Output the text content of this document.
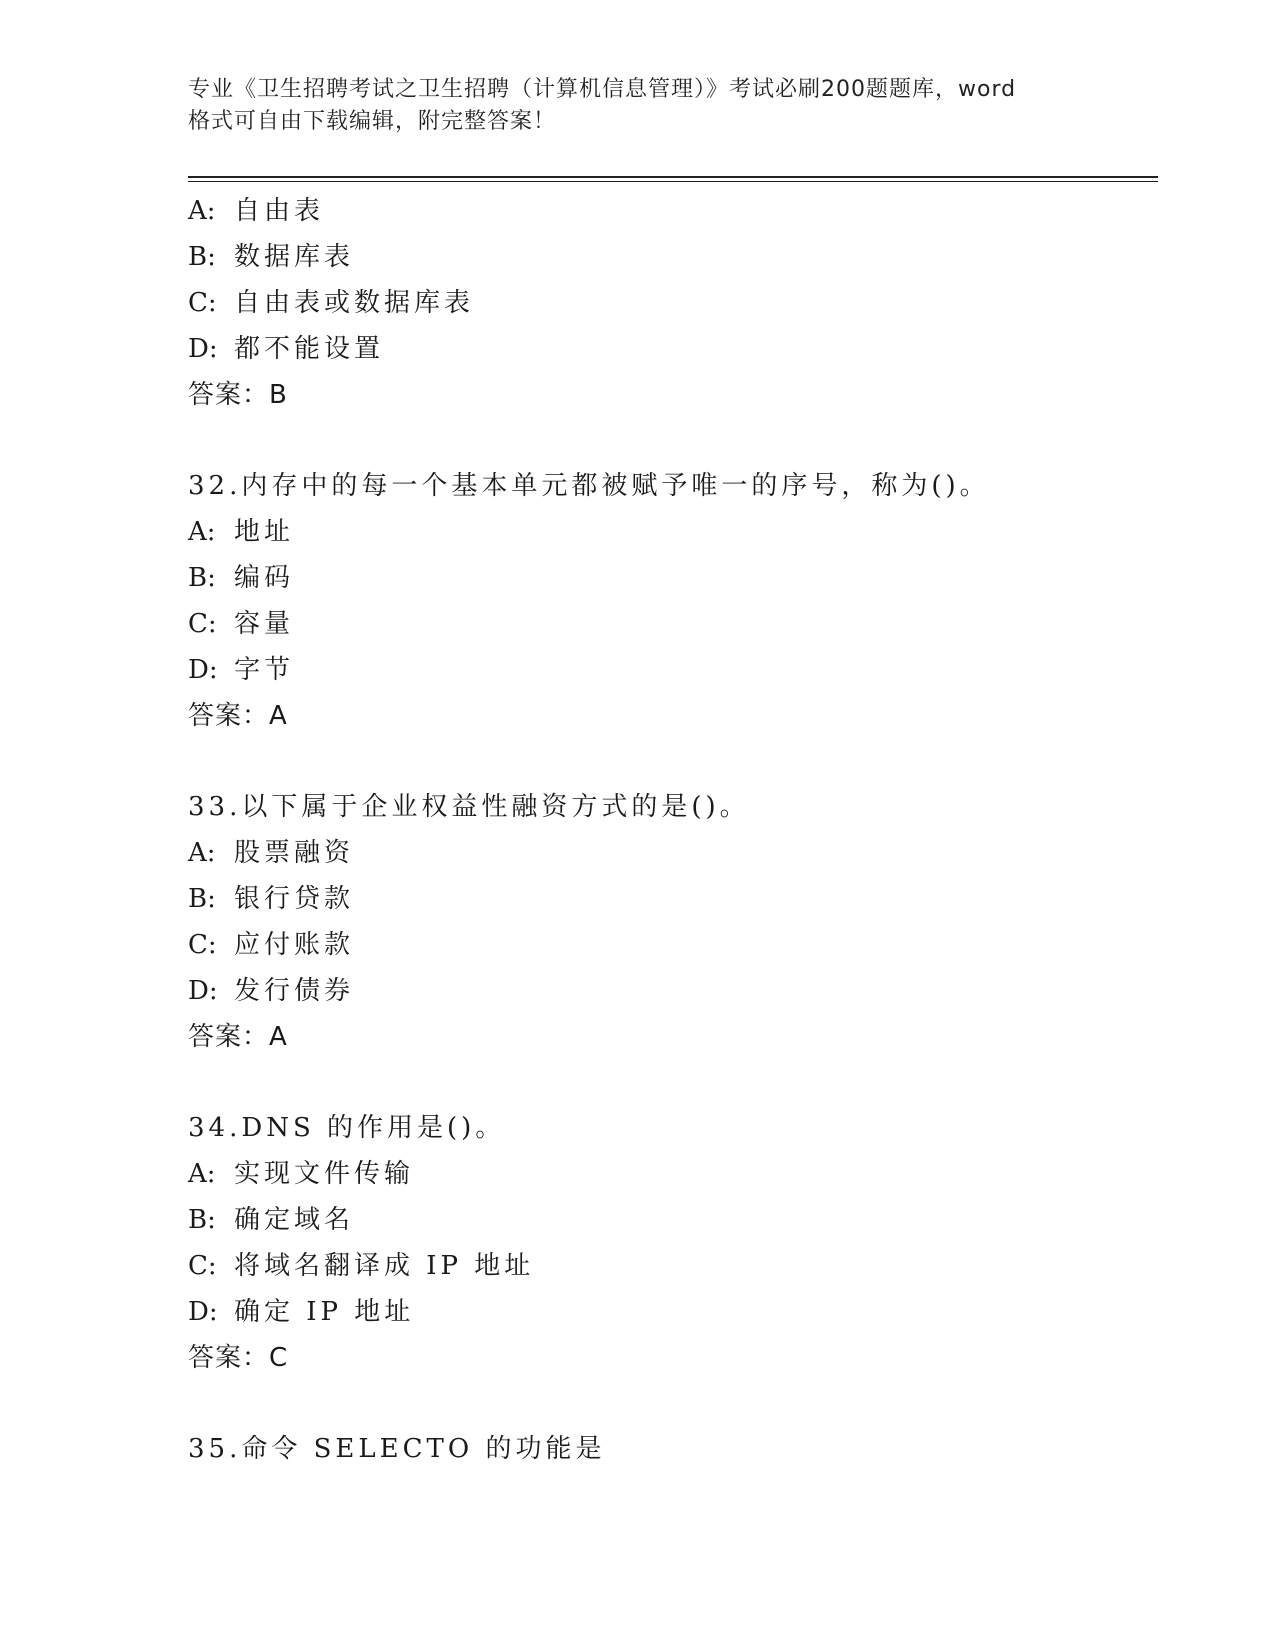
专业《卫生招聘考试之卫生招聘（计算机信息管理）》考试必刷200题题库，word
格式可自由下载编辑，附完整答案！
A: 自由表
B: 数据库表
C: 自由表或数据库表
D: 都不能设置
答案：B
32.内存中的每一个基本单元都被赋予唯一的序号，称为()。
A: 地址
B: 编码
C: 容量
D: 字节
答案：A
33.以下属于企业权益性融资方式的是()。
A: 股票融资
B: 银行贷款
C: 应付账款
D: 发行债券
答案：A
34.DNS 的作用是()。
A: 实现文件传输
B: 确定域名
C: 将域名翻译成 IP 地址
D: 确定 IP 地址
答案：C
35.命令 SELECTO 的功能是
